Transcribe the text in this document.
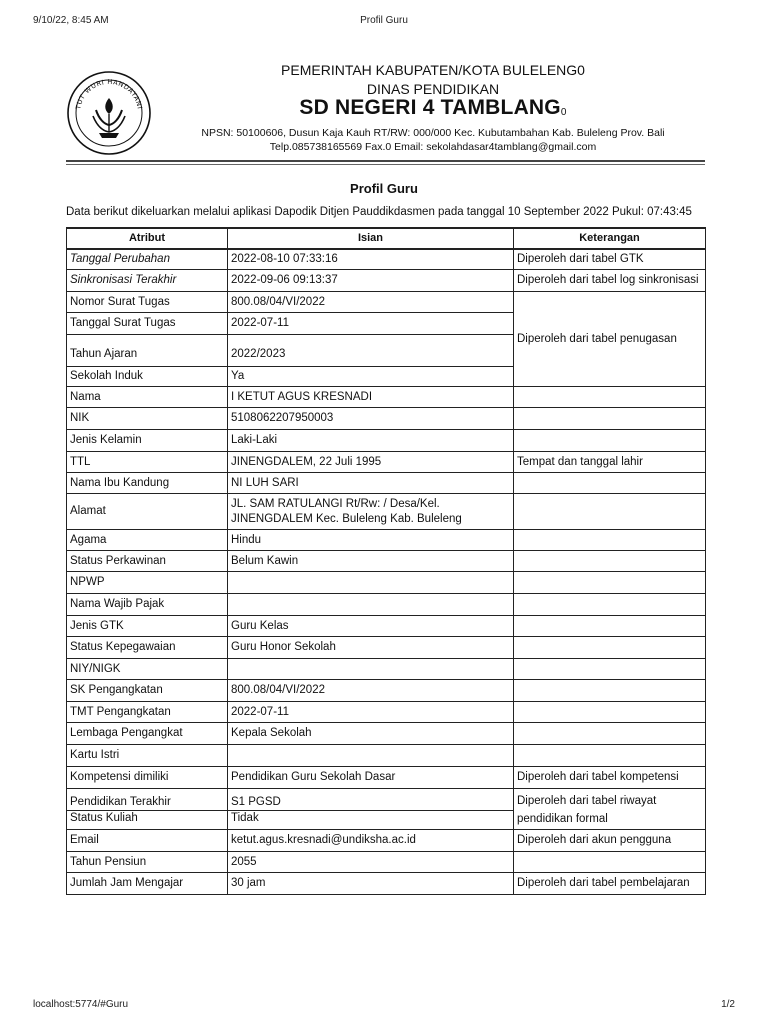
9/10/22, 8:45 AM	Profil Guru
TUT WURI HANDAYANI
PEMERINTAH KABUPATEN/KOTA BULELENG0
DINAS PENDIDIKAN
SD NEGERI 4 $TAMBLANG_0$
NPSN: 50100606, Dusun Kaja Kauh RT/RW: 000/000 Kec. Kubutambahan Kab. Buleleng Prov. Bali
Telp.085738165569 Fax.0 Email: sekolahdasar4tamblang@gmail.com
Profil Guru
Data berikut dikeluarkan melalui aplikasi Dapodik Ditjen Pauddikdasmen pada tanggal 10 September 2022 Pukul: 07:43:45
Atribut	Isian	Keterangan
Tanggal Perubahan	2022-08-10 07:33:16	Diperoleh dari tabel GTK
Sinkronisasi Terakhir	2022-09-06 09:13:37	Diperoleh dari tabel log sinkronisasi
Nomor Surat Tugas	800.08/04/VI/2022	Diperoleh dari tabel penugasan
Tanggal Surat Tugas	2022-07-11	
Tahun Ajaran	2022/2023	
Sekolah Induk	Ya	
Nama	I KETUT AGUS KRESNADI	
NIK	5108062207950003	
Jenis Kelamin	Laki-Laki	
TTL	JINENGDALEM, 22 Juli 1995	Tempat dan tanggal lahir
Nama Ibu Kandung	NI LUH SARI	
Alamat	JL. SAM RATULANGI Rt/Rw: / Desa/Kel.
JINENGDALEM Kec. Buleleng Kab. Buleleng	

Agama	Hindu	
Status Perkawinan	Belum Kawin	
NPWP		
Nama Wajib Pajak		
Jenis GTK	Guru Kelas	
Status Kepegawaian	Guru Honor Sekolah	
NIY/NIGK		
SK Pengangkatan	800.08/04/VI/2022	
TMT Pengangkatan	2022-07-11	
Lembaga Pengangkat	Kepala Sekolah	
Kartu Istri		
Kompetensi dimiliki	Pendidikan Guru Sekolah Dasar	Diperoleh dari tabel kompetensi
Pendidikan Terakhir	S1 PGSD	Diperoleh dari tabel riwayat
pendidikan formal

Status Kuliah	Tidak	
Email	ketut.agus.kresnadi@undiksha.ac.id	Diperoleh dari akun pengguna
Tahun Pensiun	2055	
Jumlah Jam Mengajar	30 jam	Diperoleh dari tabel pembelajaran
localhost:5774/#Guru	1/2
